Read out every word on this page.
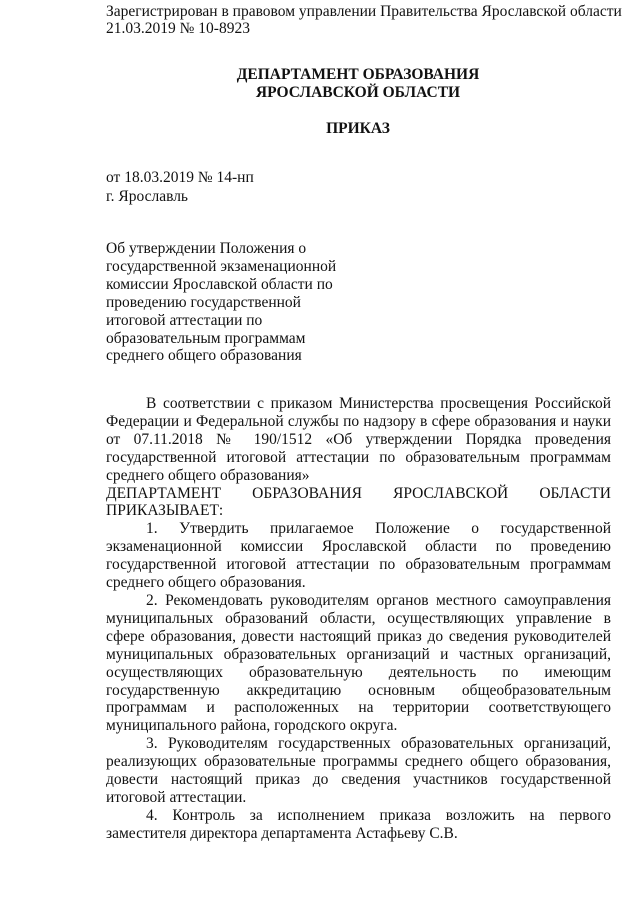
Зарегистрирован в правовом управлении Правительства Ярославской области
21.03.2019 № 10-8923
ДЕПАРТАМЕНТ ОБРАЗОВАНИЯ
ЯРОСЛАВСКОЙ ОБЛАСТИ
ПРИКАЗ
от 18.03.2019 № 14-нп
г. Ярославль
Об утверждении Положения о
государственной экзаменационной
комиссии Ярославской области по
проведению государственной
итоговой аттестации по
образовательным программам
среднего общего образования

В соответствии с приказом Министерства просвещения Российской Федерации и Федеральной службы по надзору в сфере образования и науки от 07.11.2018 № 190/1512 «Об утверждении Порядка проведения государственной итоговой аттестации по образовательным программам среднего общего образования»

ДЕПАРТАМЕНТ ОБРАЗОВАНИЯ ЯРОСЛАВСКОЙ ОБЛАСТИ
ПРИКАЗЫВАЕТ:

1. Утвердить прилагаемое Положение о государственной экзаменационной комиссии Ярославской области по проведению государственной итоговой аттестации по образовательным программам среднего общего образования.

2. Рекомендовать руководителям органов местного самоуправления муниципальных образований области, осуществляющих управление в сфере образования, довести настоящий приказ до сведения руководителей муниципальных образовательных организаций и частных организаций, осуществляющих образовательную деятельность по имеющим государственную аккредитацию основным общеобразовательным программам и расположенных на территории соответствующего муниципального района, городского округа.

3. Руководителям государственных образовательных организаций, реализующих образовательные программы среднего общего образования, довести настоящий приказ до сведения участников государственной итоговой аттестации.

4. Контроль за исполнением приказа возложить на первого заместителя директора департамента Астафьеву С.В.
